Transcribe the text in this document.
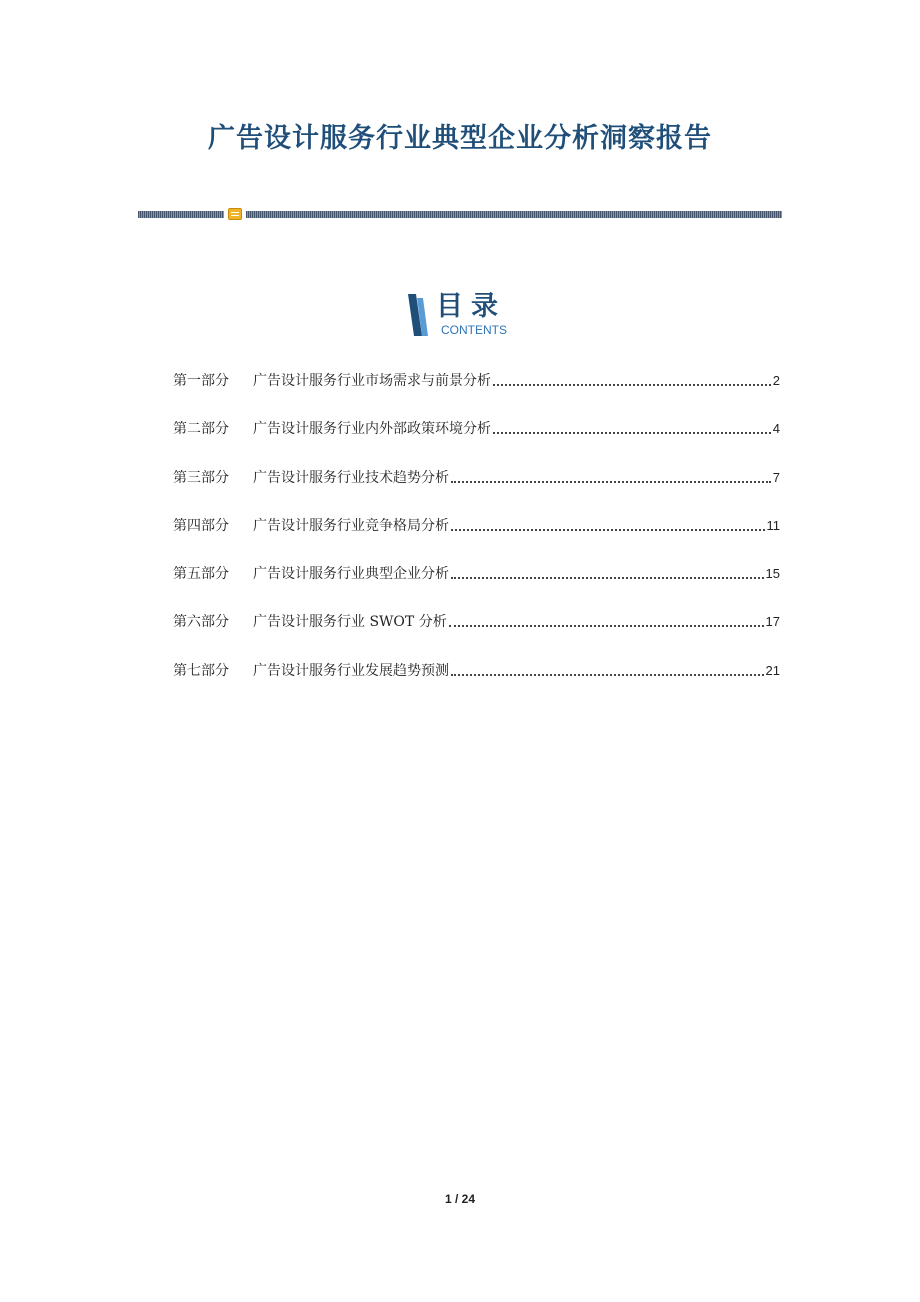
广告设计服务行业典型企业分析洞察报告
目录
CONTENTS
第一部分	广告设计服务行业市场需求与前景分析	2
第二部分	广告设计服务行业内外部政策环境分析	4
第三部分	广告设计服务行业技术趋势分析	7
第四部分	广告设计服务行业竞争格局分析	11
第五部分	广告设计服务行业典型企业分析	15
第六部分	广告设计服务行业 SWOT 分析	17
第七部分	广告设计服务行业发展趋势预测	21
1 / 24
